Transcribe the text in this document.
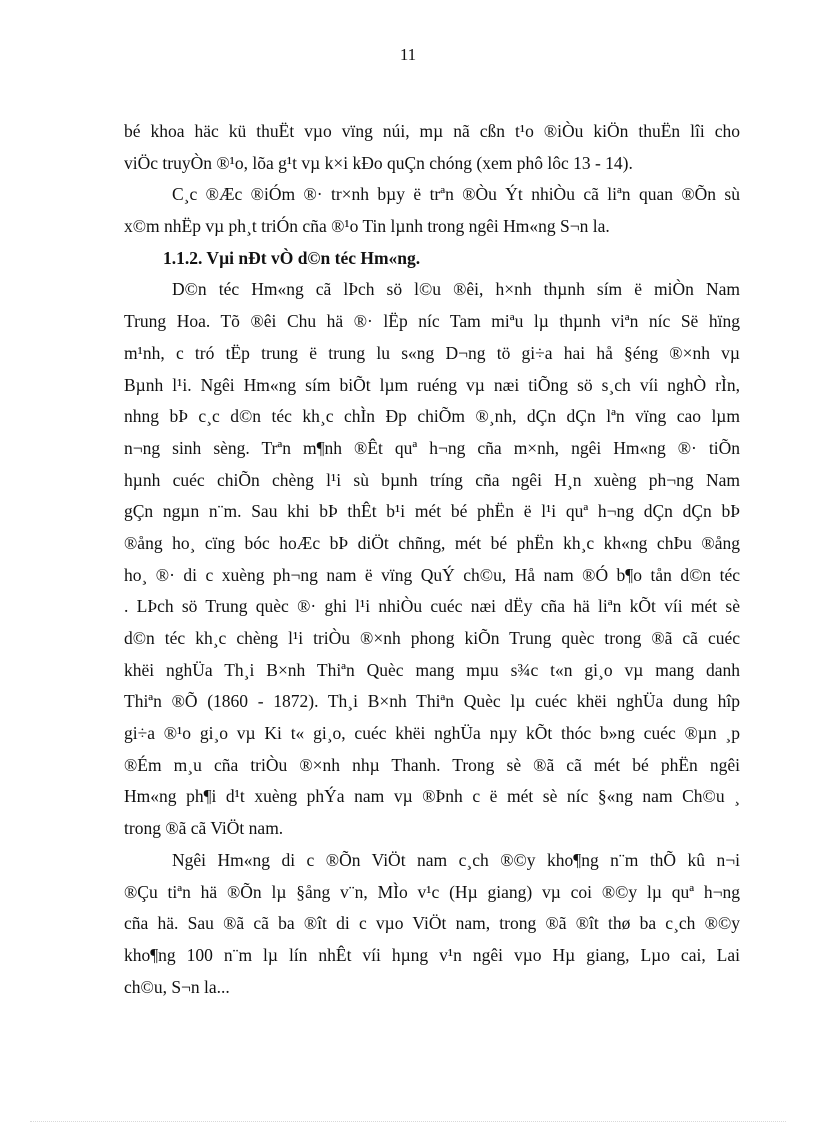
11
bé khoa häc kü thuËt vµo vïng núi, mµ nã cßn t¹o ®iÒu kiÖn thuËn lîi cho
viÖc truyÒn ®¹o, lõa g¹t vµ k×i kÐo quÇn chóng (xem phô lôc 13 - 14).
C¸c ®Æc ®iÓm ®· tr×nh bµy ë trªn ®Òu Ýt nhiÒu cã liªn quan ®Õn sù
x©m nhËp vµ ph¸t triÓn cña ®¹o Tin lµnh trong ngêi Hm«ng S¬n la.
1.1.2. Vµi nÐt vÒ d©n téc Hm«ng.
D©n téc Hm«ng cã lÞch sö l©u ®êi, h×nh thµnh sím ë miÒn Nam
Trung Hoa. Tõ ®êi Chu hä ®· lËp níc Tam miªu lµ thµnh viªn níc Së hïng
m¹nh, c tró tËp trung ë trung lu s«ng D¬ng tö gi÷a hai hå §éng ®×nh vµ
Bµnh l¹i. Ngêi Hm«ng sím biÕt lµm ruéng vµ næi tiÕng sö s¸ch víi nghÒ rÌn,
nhng bÞ c¸c d©n téc kh¸c chÌn Ðp chiÕm ®¸nh, dÇn dÇn lªn vïng cao lµm
n¬ng sinh sèng. Trªn m¶nh ®Êt quª h¬ng cña m×nh, ngêi Hm«ng ®· tiÕn
hµnh cuéc chiÕn chèng l¹i sù bµnh tríng cña ngêi H¸n xuèng ph¬ng Nam
gÇn ngµn n¨m. Sau khi bÞ thÊt b¹i mét bé phËn ë l¹i quª h¬ng dÇn dÇn bÞ
®ång ho¸ cïng bóc hoÆc bÞ diÖt chñng, mét bé phËn kh¸c kh«ng chÞu ®ång
ho¸ ®· di c xuèng ph¬ng nam ë vïng QuÝ ch©u, Hå nam ®Ó b¶o tån d©n téc
. LÞch sö Trung quèc ®· ghi l¹i nhiÒu cuéc næi dËy cña hä liªn kÕt víi mét sè
d©n téc kh¸c chèng l¹i triÒu ®×nh phong kiÕn Trung quèc trong ®ã cã cuéc
khëi nghÜa Th¸i B×nh Thiªn Quèc mang mµu s¾c t«n gi¸o vµ mang danh
Thiªn ®Õ (1860 - 1872). Th¸i B×nh Thiªn Quèc lµ cuéc khëi nghÜa dung hîp
gi÷a ®¹o gi¸o vµ Ki t« gi¸o, cuéc khëi nghÜa nµy kÕt thóc b»ng cuéc ®µn ¸p
®Ém m¸u cña triÒu ®×nh nhµ Thanh. Trong sè ®ã cã mét bé phËn ngêi
Hm«ng ph¶i d¹t xuèng phÝa nam vµ ®Þnh c ë mét sè níc §«ng nam Ch©u ¸
trong ®ã cã ViÖt nam.
Ngêi Hm«ng di c ®Õn ViÖt nam c¸ch ®©y kho¶ng n¨m thÕ kû n¬i
®Çu tiªn hä ®Õn lµ §ång v¨n, MÌo v¹c (Hµ giang) vµ coi ®©y lµ quª h¬ng
cña hä. Sau ®ã cã ba ®ît di c vµo ViÖt nam, trong ®ã ®ît thø ba c¸ch ®©y
kho¶ng 100 n¨m lµ lín nhÊt víi hµng v¹n ngêi vµo Hµ giang, Lµo cai, Lai
ch©u, S¬n la...
